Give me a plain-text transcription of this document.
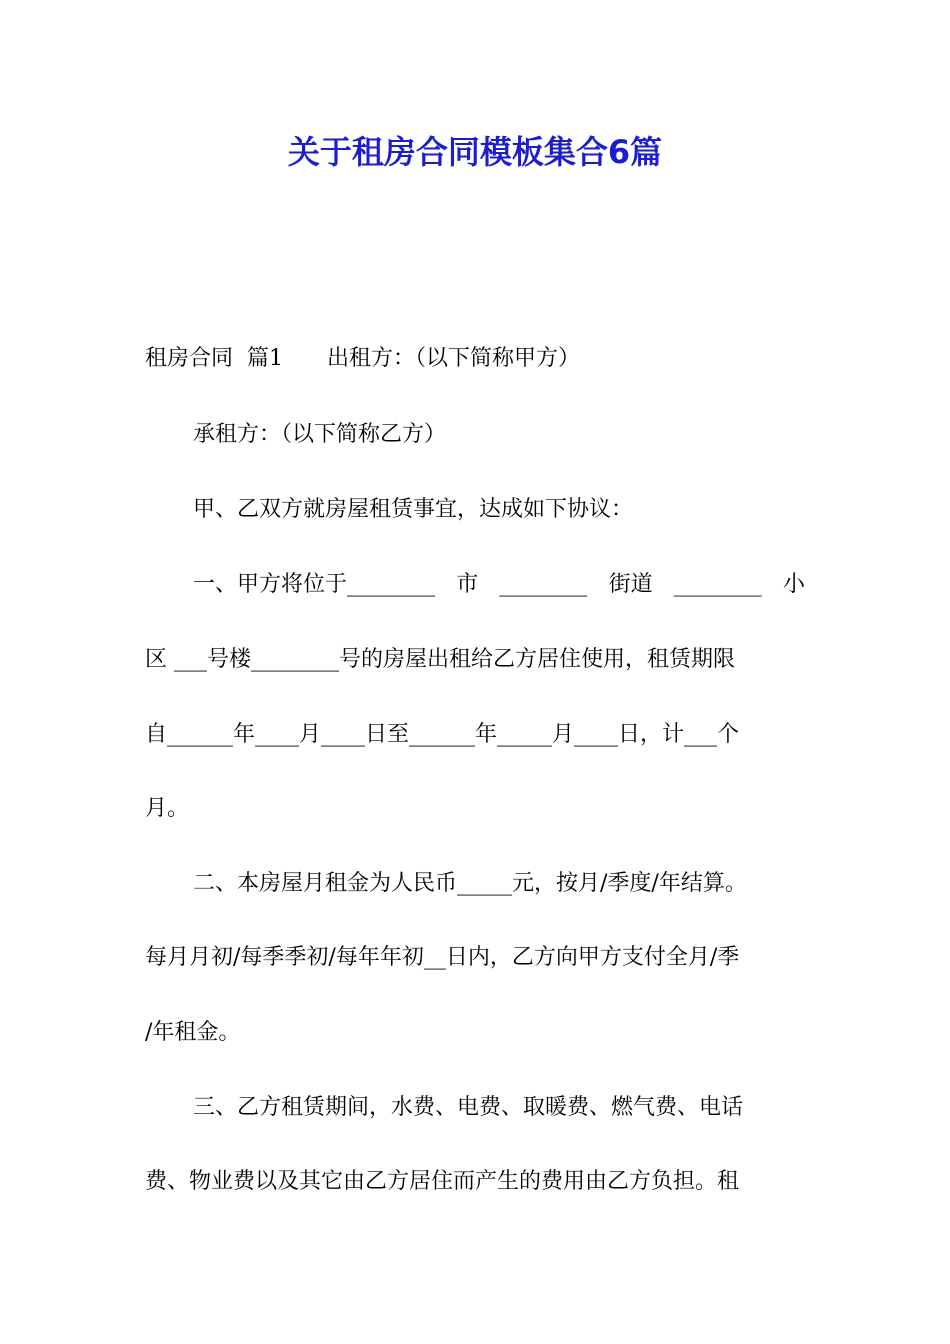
关于租房合同模板集合6篇
租房合同  篇1 出租方：（以下简称甲方）
承租方：（以下简称乙方）
甲、乙双方就房屋租赁事宜，达成如下协议：
一、甲方将位于________ 市 ________ 街道 ________ 小
区 ___号楼________号的房屋出租给乙方居住使用，租赁期限
自______年____月____日至______年_____月____日，计___个
月。
二、本房屋月租金为人民币_____元，按月/季度/年结算。
每月月初/每季季初/每年年初__日内，乙方向甲方支付全月/季
/年租金。
三、乙方租赁期间，水费、电费、取暖费、燃气费、电话
费、物业费以及其它由乙方居住而产生的费用由乙方负担。租
